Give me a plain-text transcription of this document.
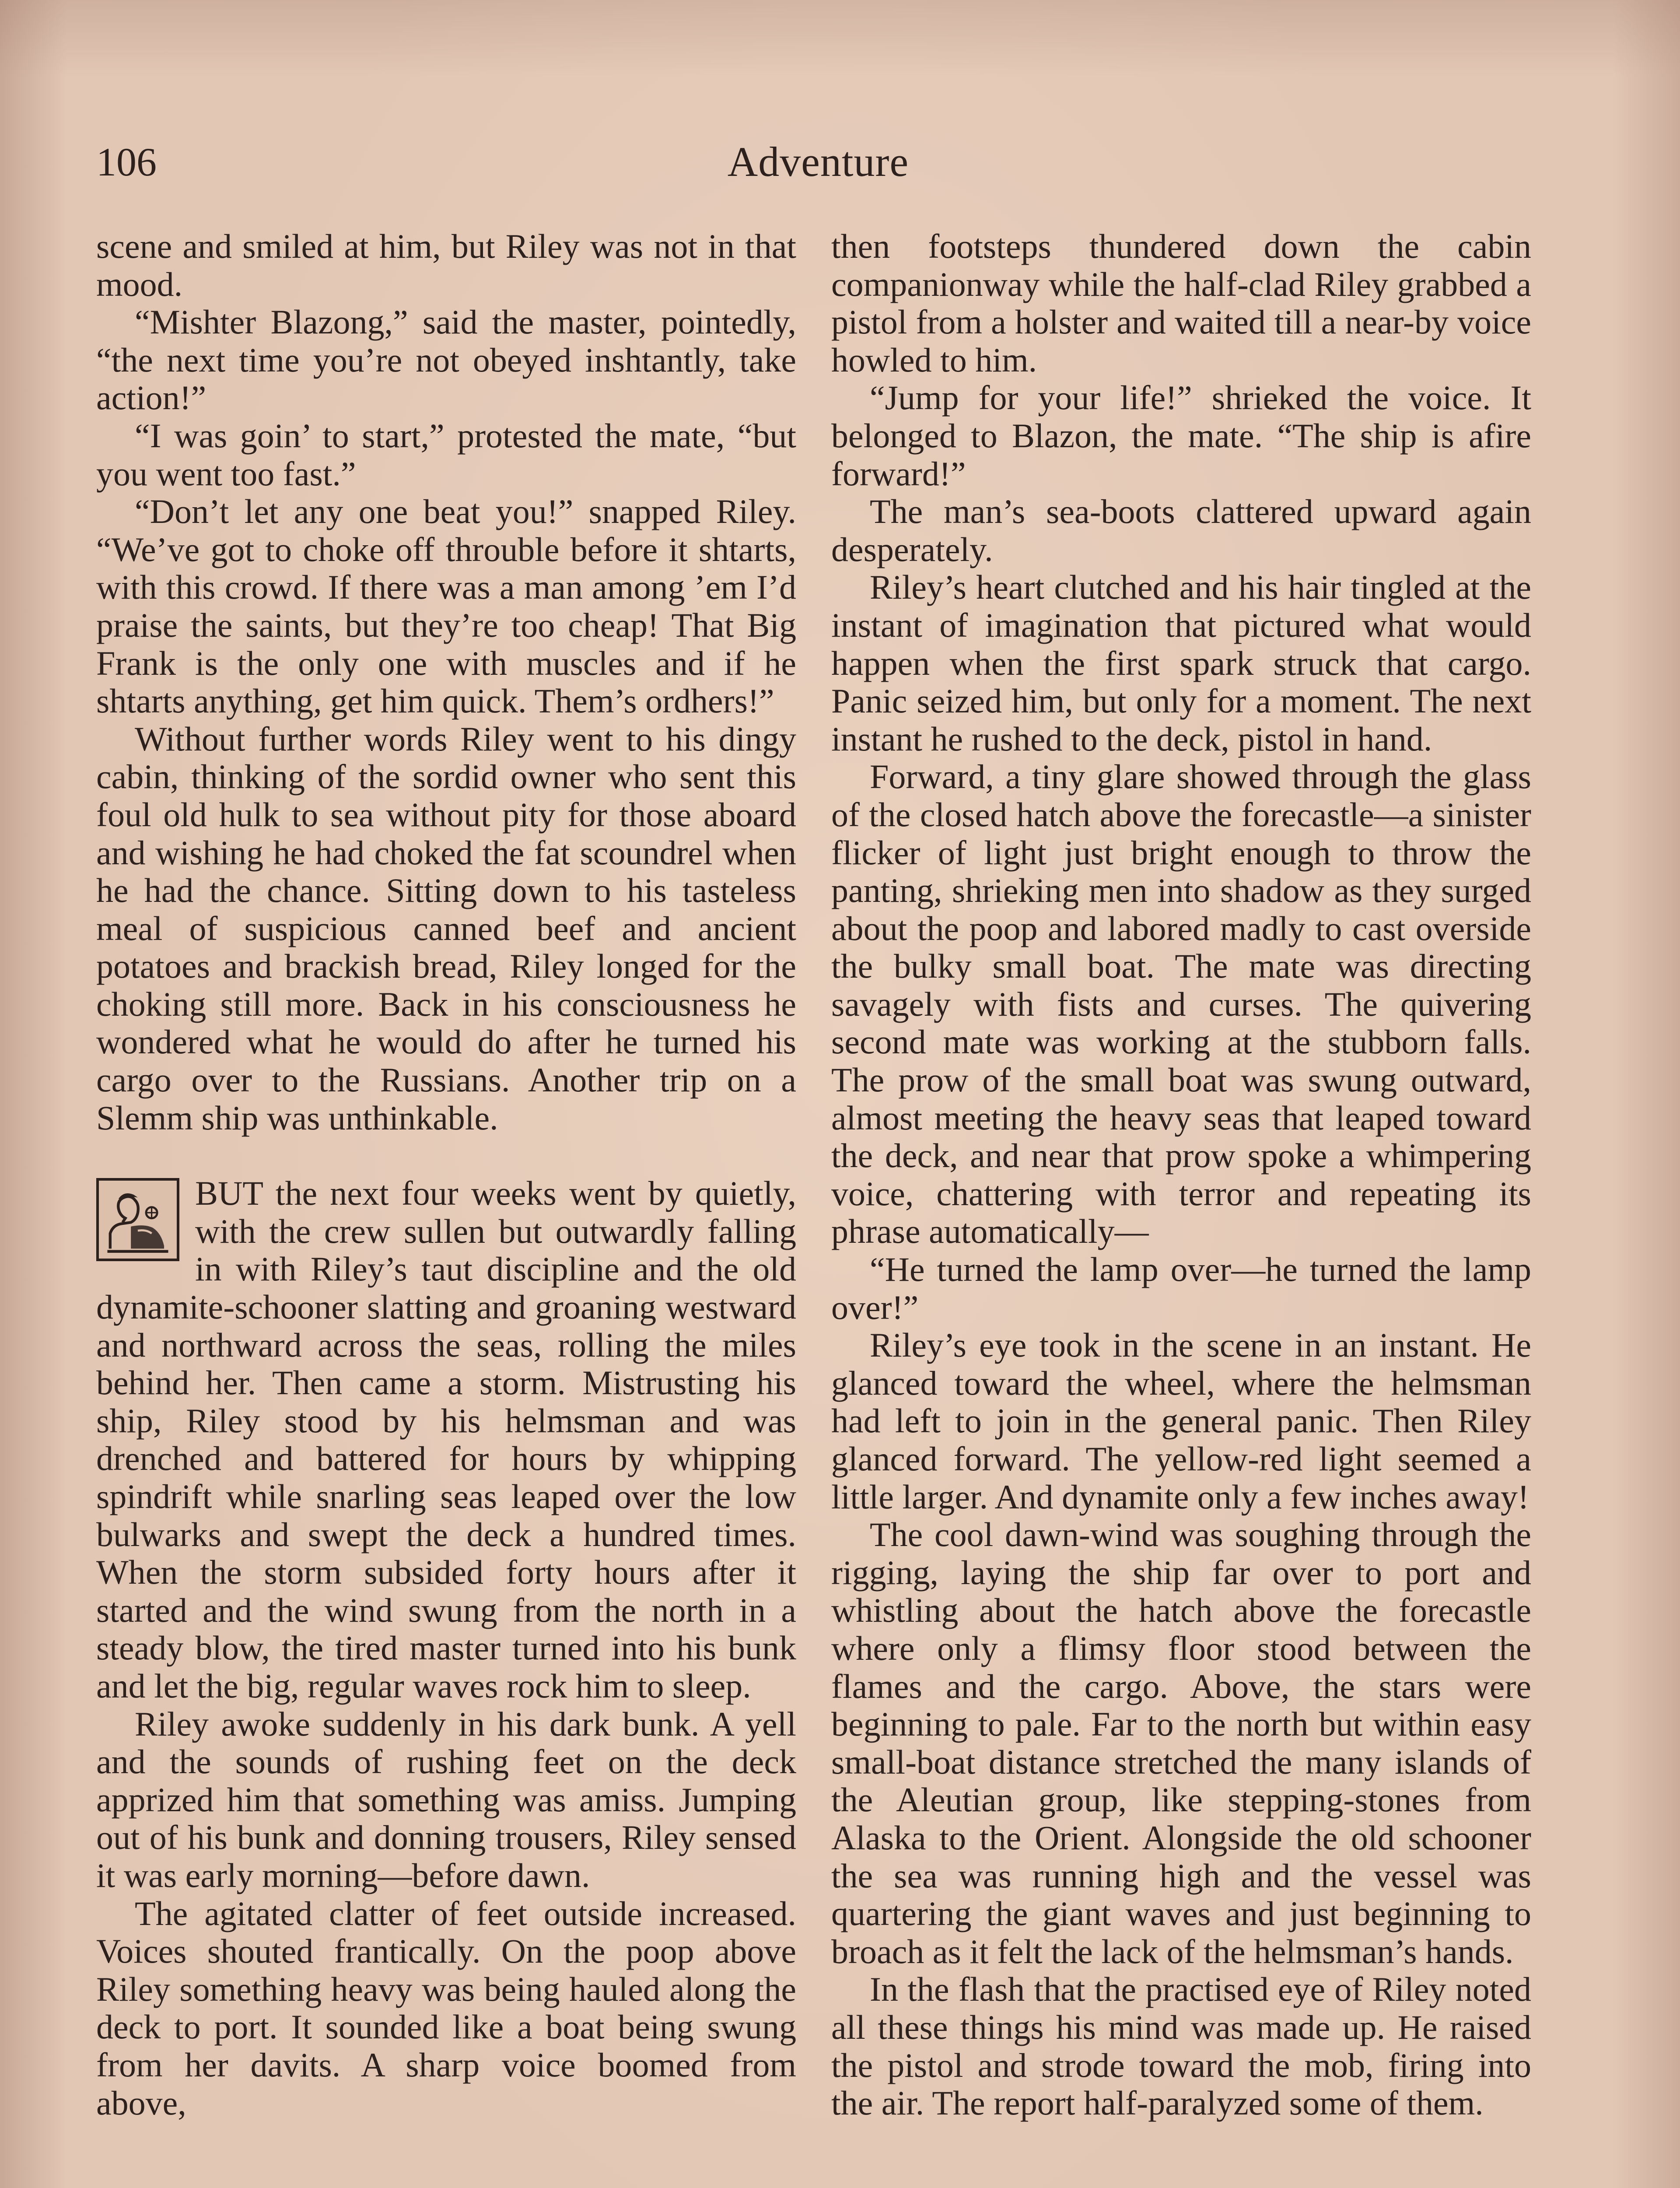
106	Adventure

scene and smiled at him, but Riley was not in that mood.

“Mishter Blazong,” said the master, pointedly, “the next time you’re not obeyed inshtantly, take action!”

“I was goin’ to start,” protested the mate, “but you went too fast.”

“Don’t let any one beat you!” snapped Riley. “We’ve got to choke off throuble before it shtarts, with this crowd. If there was a man among ’em I’d praise the saints, but they’re too cheap! That Big Frank is the only one with muscles and if he shtarts anything, get him quick. Them’s ordhers!”

Without further words Riley went to his dingy cabin, thinking of the sordid owner who sent this foul old hulk to sea without pity for those aboard and wishing he had choked the fat scoundrel when he had the chance. Sitting down to his tasteless meal of suspicious canned beef and ancient potatoes and brackish bread, Riley longed for the choking still more. Back in his consciousness he wondered what he would do after he turned his cargo over to the Russians. Another trip on a Slemm ship was unthinkable.

BUT the next four weeks went by quietly, with the crew sullen but outwardly falling in with Riley’s taut discipline and the old dynamite-schooner slatting and groaning westward and northward across the seas, rolling the miles behind her. Then came a storm. Mistrusting his ship, Riley stood by his helmsman and was drenched and battered for hours by whipping spindrift while snarling seas leaped over the low bulwarks and swept the deck a hundred times. When the storm subsided forty hours after it started and the wind swung from the north in a steady blow, the tired master turned into his bunk and let the big, regular waves rock him to sleep.

Riley awoke suddenly in his dark bunk. A yell and the sounds of rushing feet on the deck apprized him that something was amiss. Jumping out of his bunk and donning trousers, Riley sensed it was early morning—before dawn.

The agitated clatter of feet outside increased. Voices shouted frantically. On the poop above Riley something heavy was being hauled along the deck to port. It sounded like a boat being swung from her davits. A sharp voice boomed from above,

then footsteps thundered down the cabin companionway while the half-clad Riley grabbed a pistol from a holster and waited till a near-by voice howled to him.

“Jump for your life!” shrieked the voice. It belonged to Blazon, the mate. “The ship is afire forward!”

The man’s sea-boots clattered upward again desperately.

Riley’s heart clutched and his hair tingled at the instant of imagination that pictured what would happen when the first spark struck that cargo. Panic seized him, but only for a moment. The next instant he rushed to the deck, pistol in hand.

Forward, a tiny glare showed through the glass of the closed hatch above the forecastle—a sinister flicker of light just bright enough to throw the panting, shrieking men into shadow as they surged about the poop and labored madly to cast overside the bulky small boat. The mate was directing savagely with fists and curses. The quivering second mate was working at the stubborn falls. The prow of the small boat was swung outward, almost meeting the heavy seas that leaped toward the deck, and near that prow spoke a whimpering voice, chattering with terror and repeating its phrase automatically—

“He turned the lamp over—he turned the lamp over!”

Riley’s eye took in the scene in an instant. He glanced toward the wheel, where the helmsman had left to join in the general panic. Then Riley glanced forward. The yellow-red light seemed a little larger. And dynamite only a few inches away!

The cool dawn-wind was soughing through the rigging, laying the ship far over to port and whistling about the hatch above the forecastle where only a flimsy floor stood between the flames and the cargo. Above, the stars were beginning to pale. Far to the north but within easy small-boat distance stretched the many islands of the Aleutian group, like stepping-stones from Alaska to the Orient. Alongside the old schooner the sea was running high and the vessel was quartering the giant waves and just beginning to broach as it felt the lack of the helmsman’s hands.

In the flash that the practised eye of Riley noted all these things his mind was made up. He raised the pistol and strode toward the mob, firing into the air. The report half-paralyzed some of them.
